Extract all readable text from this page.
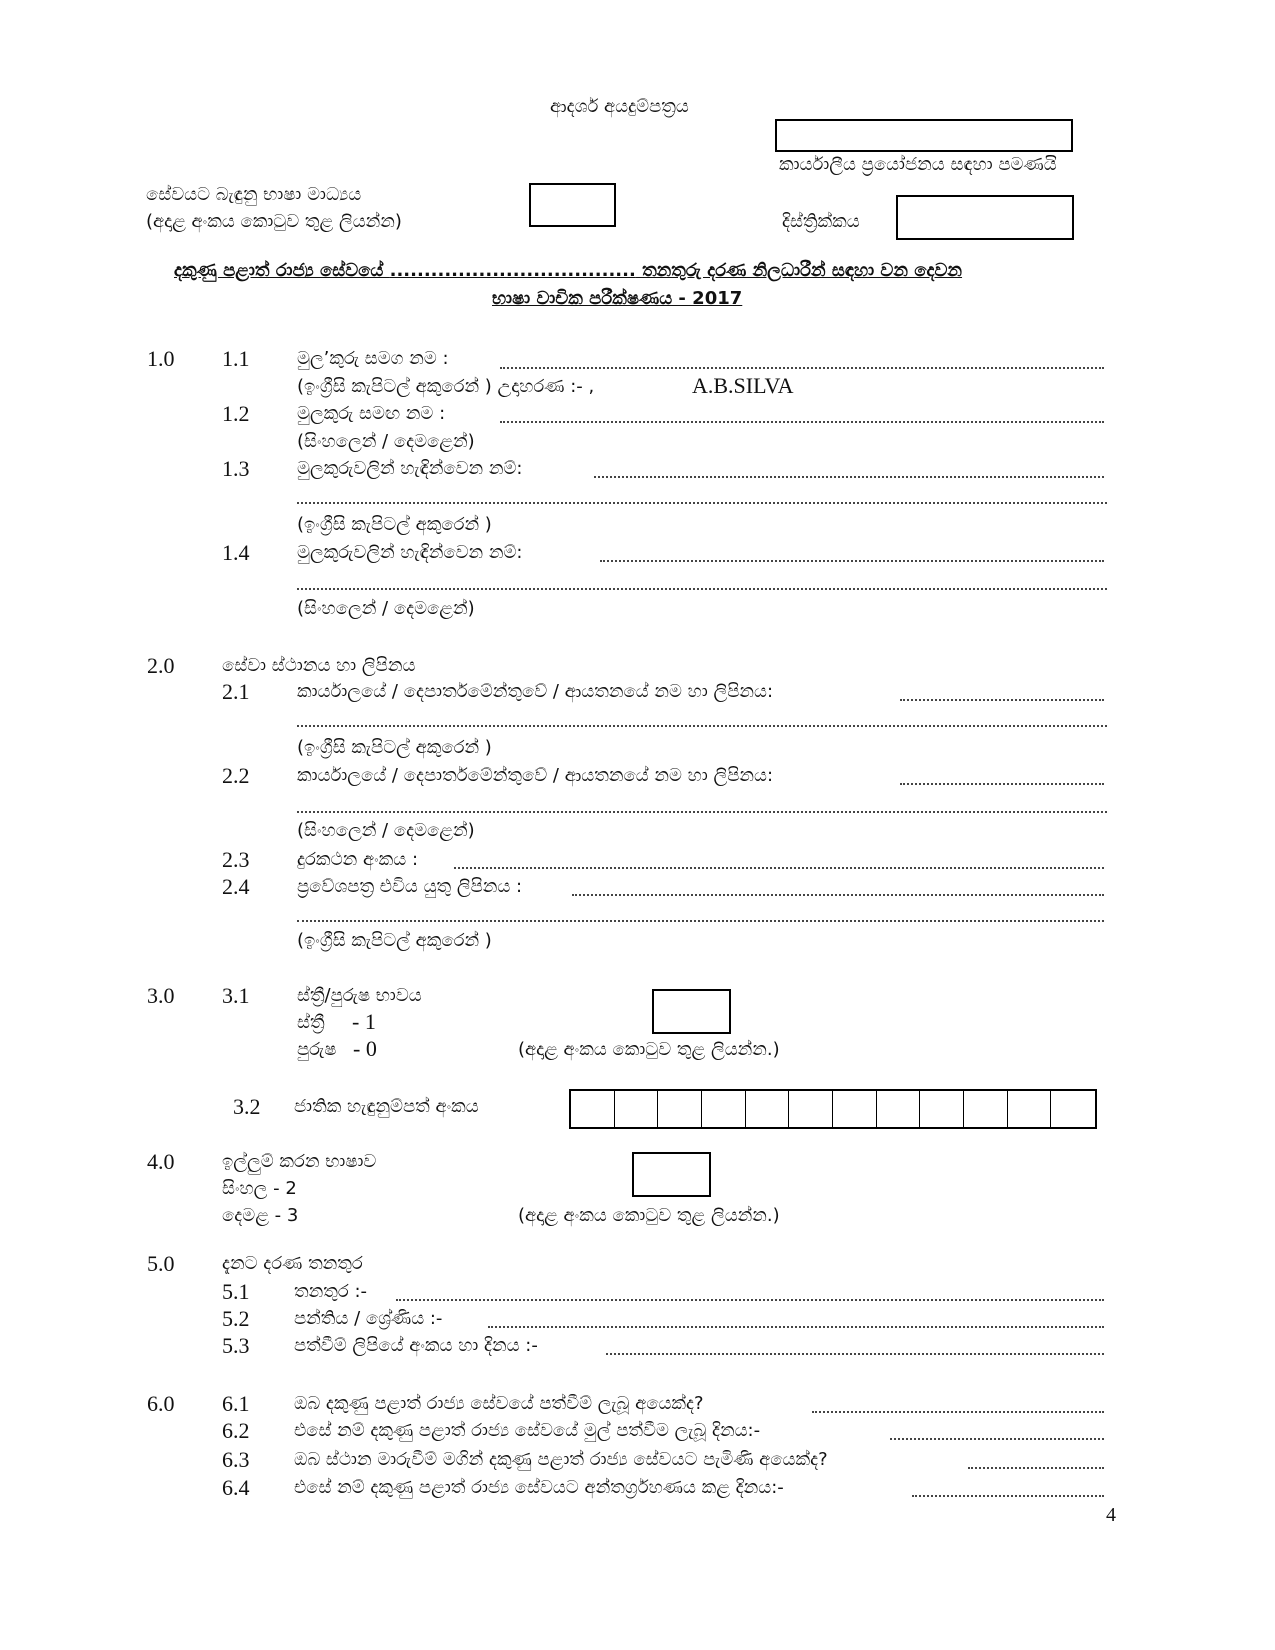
ආදර්ශ අයදුම්පත්‍රය
කාර්යාලීය ප්‍රයෝජනය සඳහා පමණයි
සේවයට බැඳුනු භාෂා මාධ්‍යය
(අදාළ අංකය කොටුව තුළ ලියන්න)	දිස්ත්‍රික්කය
දකුණු පළාත් රාජ්‍ය සේවයේ .................................... තනතුරු දරණ නිලධාරීන් සඳහා වන දෙවන
භාෂා වාචික පරීක්ෂණය - 2017
1.0 1.1	මුල’කුරු සමග නම :
(ඉංග්‍රීසි කැපිටල් අකුරෙන් ) උදාහරණ :- ,	A.B.SILVA
1.2	මුලකුරු සමඟ නම :
(සිංහලෙන් / දෙමළෙන්)
1.3	මුලකුරුවලින් හැඳින්වෙන නම්:
(ඉංග්‍රීසි කැපිටල් අකුරෙන් )
1.4	මුලකුරුවලින් හැඳින්වෙන නම්:
(සිංහලෙන් / දෙමළෙන්)
2.0	සේවා ස්ථානය හා ලිපිනය
2.1	කාර්යාලයේ / දෙපාර්තමේන්තුවේ / ආයතනයේ නම හා ලිපිනය:
(ඉංග්‍රීසි කැපිටල් අකුරෙන් )
2.2	කාර්යාලයේ / දෙපාර්තමේන්තුවේ / ආයතනයේ නම හා ලිපිනය:
(සිංහලෙන් / දෙමළෙන්)
2.3	දුරකථන අංකය :
2.4	ප්‍රවේශපත්‍ර එවිය යුතු ලිපිනය :
(ඉංග්‍රීසි කැපිටල් අකුරෙන් )
3.0 3.1	ස්ත්‍රී/පුරුෂ භාවය
ස්ත්‍රී - 1
පුරුෂ - 0	(අදාළ අංකය කොටුව තුළ ලියන්න.)
3.2 ජාතික හැඳුනුම්පත් අංකය
4.0	ඉල්ලුම් කරන භාෂාව
සිංහල - 2
දෙමළ - 3	(අදාළ අංකය කොටුව තුළ ලියන්න.)
5.0	දැනට දරණ තනතුර
5.1 තනතුර :-
5.2 පන්තිය / ශ්‍රේණිය :-
5.3 පත්වීම් ලිපියේ අංකය හා දිනය :-
6.0 6.1 ඔබ දකුණු පළාත් රාජ්‍ය සේවයේ පත්වීම් ලැබූ අයෙක්ද?
6.2 එසේ නම් දකුණු පළාත් රාජ්‍ය සේවයේ මුල් පත්වීම ලැබූ දිනය:-
6.3 ඔබ ස්ථාන මාරුවීම් මගින් දකුණු පළාත් රාජ්‍ය සේවයට පැමිණි අයෙක්ද?
6.4 එසේ නම් දකුණු පළාත් රාජ්‍ය සේවයට අන්තර්ග්‍රහණය කළ දිනය:-
4
